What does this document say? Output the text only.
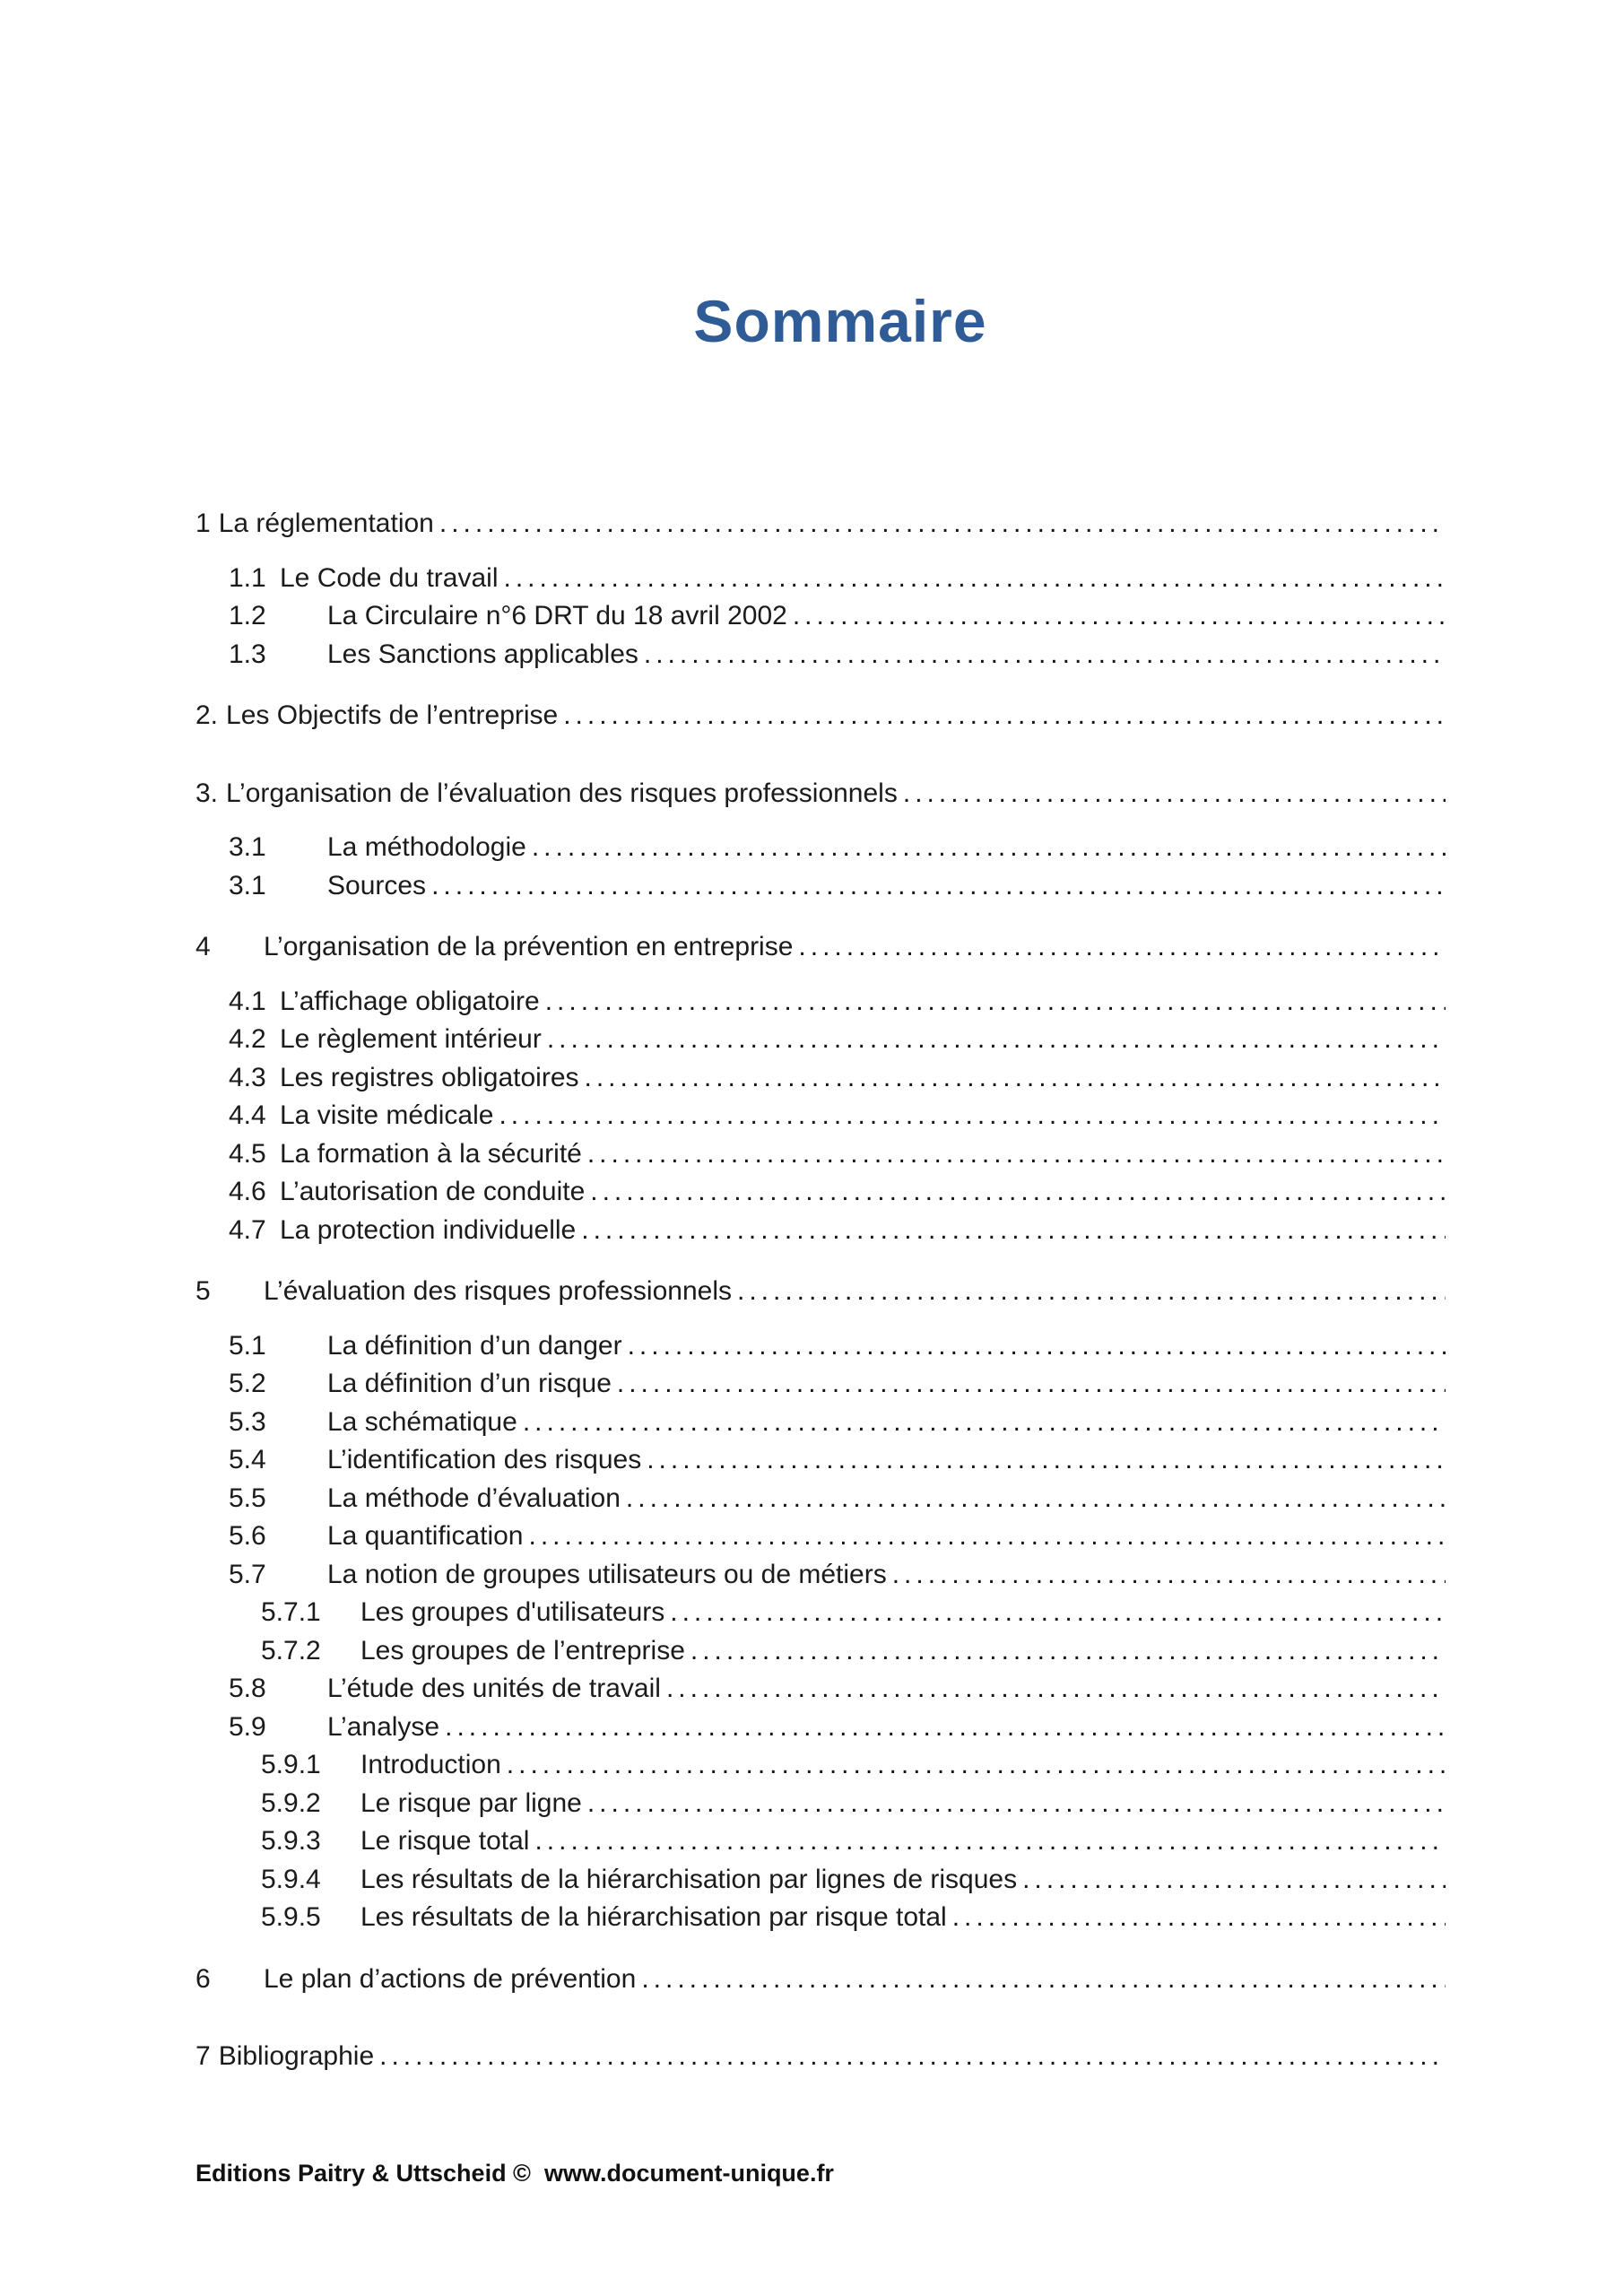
Sommaire
1 La réglementation
.....
1.1 Le Code du travail
.....
1.2	La Circulaire n°6 DRT du 18 avril 2002
.....
1.3	Les Sanctions applicables
.....
2. Les Objectifs de l’entreprise
.....
3. L’organisation de l’évaluation des risques professionnels
.....
3.1	La méthodologie
.....
3.1	Sources
.....
4	L’organisation de la prévention en entreprise
.....
4.1 L’affichage obligatoire
.....
4.2 Le règlement intérieur
.....
4.3 Les registres obligatoires
.....
4.4 La visite médicale
.....
4.5 La formation à la sécurité
.....
4.6 L’autorisation de conduite
.....
4.7 La protection individuelle
.....
5	L’évaluation des risques professionnels
.....
5.1	La définition d’un danger
.....
5.2	La définition d’un risque
.....
5.3	La schématique
.....
5.4	L’identification des risques
.....
5.5	La méthode d’évaluation
.....
5.6	La quantification
.....
5.7	La notion de groupes utilisateurs ou de métiers
.....
5.7.1	Les groupes d'utilisateurs
.....
5.7.2	Les groupes de l’entreprise
.....
5.8	L’étude des unités de travail
.....
5.9	L’analyse
.....
5.9.1	Introduction
.....
5.9.2	Le risque par ligne
.....
5.9.3	Le risque total
.....
5.9.4	Les résultats de la hiérarchisation par lignes de risques
.....
5.9.5	Les résultats de la hiérarchisation par risque total
.....
6	Le plan d’actions de prévention
.....
7 Bibliographie
.....
Editions Paitry & Uttscheid ©  www.document-unique.fr
